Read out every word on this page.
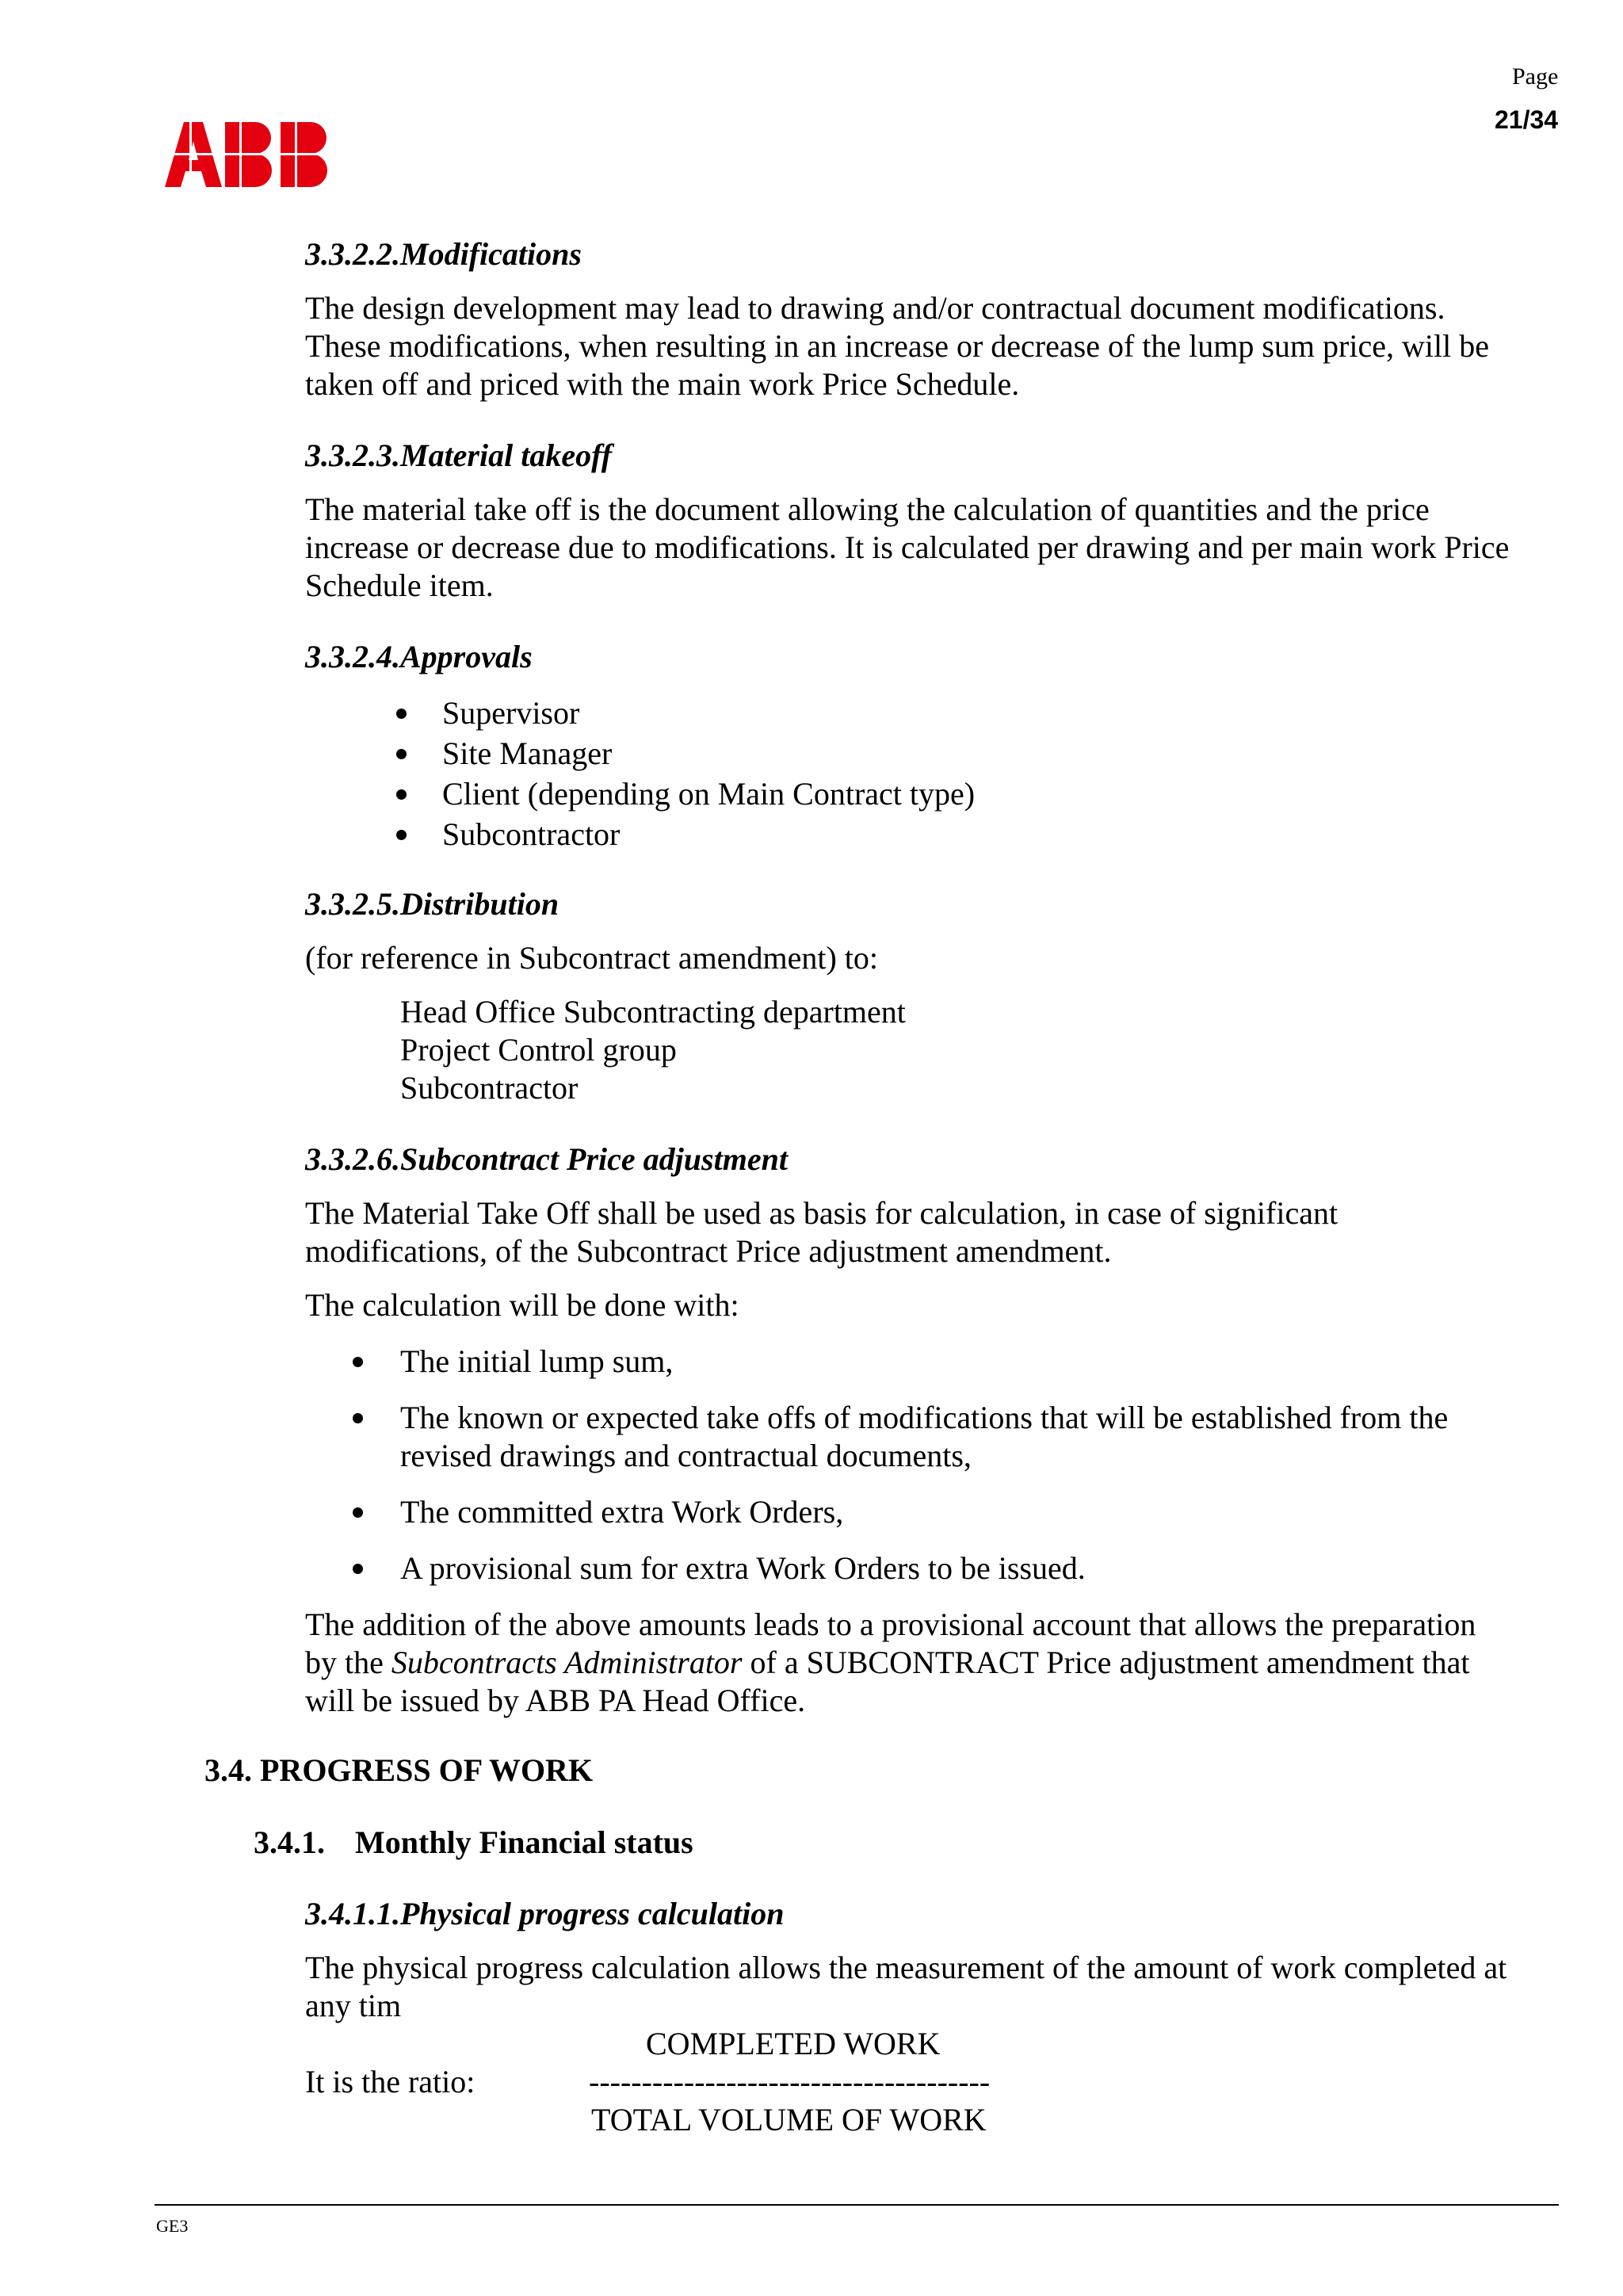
Page
21/34
3.3.2.2.Modifications
The design development may lead to drawing and/or contractual document modifications.
These modifications, when resulting in an increase or decrease of the lump sum price, will be
taken off and priced with the main work Price Schedule.
3.3.2.3.Material takeoff
The material take off is the document allowing the calculation of quantities and the price
increase or decrease due to modifications. It is calculated per drawing and per main work Price
Schedule item.
3.3.2.4.Approvals
Supervisor
Site Manager
Client (depending on Main Contract type)
Subcontractor
3.3.2.5.Distribution
(for reference in Subcontract amendment) to:
Head Office Subcontracting department
Project Control group
Subcontractor
3.3.2.6.Subcontract Price adjustment
The Material Take Off shall be used as basis for calculation, in case of significant
modifications, of the Subcontract Price adjustment amendment.
The calculation will be done with:
The initial lump sum,
The known or expected take offs of modifications that will be established from the
revised drawings and contractual documents,
The committed extra Work Orders,
A provisional sum for extra Work Orders to be issued.
The addition of the above amounts leads to a provisional account that allows the preparation
by the Subcontracts Administrator of a SUBCONTRACT Price adjustment amendment that
will be issued by ABB PA Head Office.
3.4. PROGRESS OF WORK
3.4.1. Monthly Financial status
3.4.1.1.Physical progress calculation
The physical progress calculation allows the measurement of the amount of work completed at
any tim
COMPLETED WORK
It is the ratio:	--------------------------------------
TOTAL VOLUME OF WORK
GE3
